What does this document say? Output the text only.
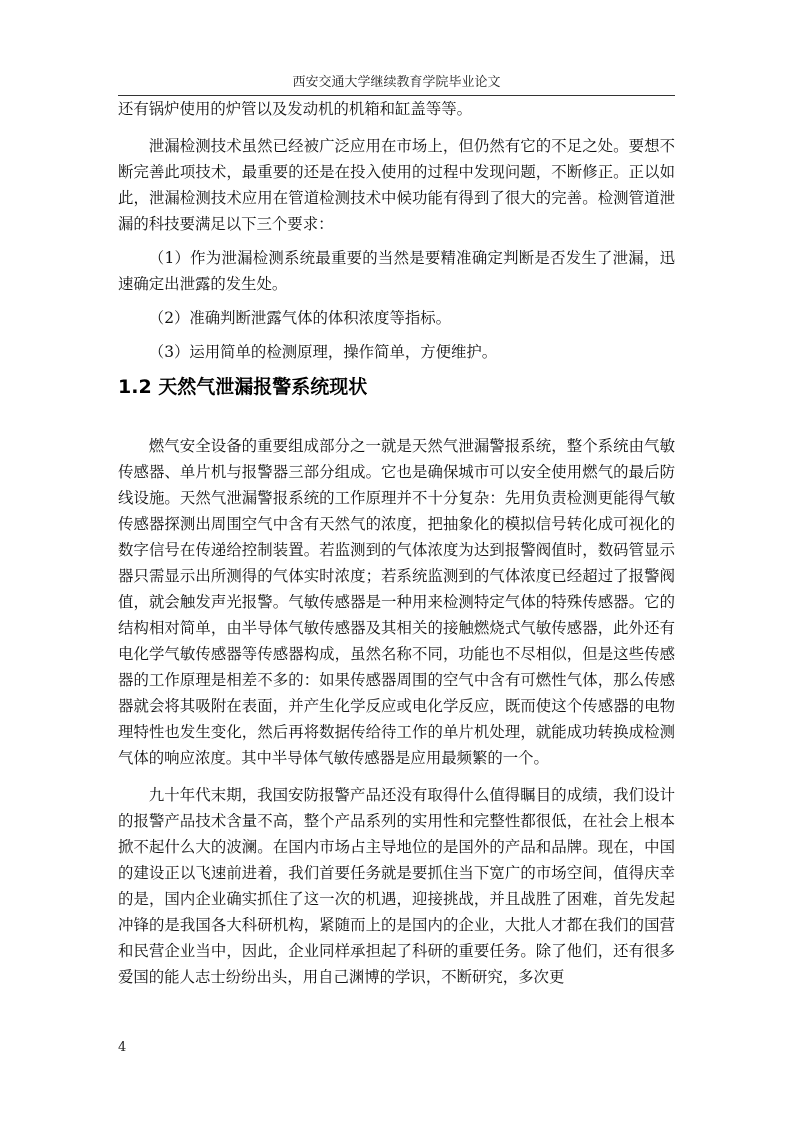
西安交通大学继续教育学院毕业论文

还有锅炉使用的炉管以及发动机的机箱和缸盖等等。

泄漏检测技术虽然已经被广泛应用在市场上，但仍然有它的不足之处。要想不断完善此项技术，最重要的还是在投入使用的过程中发现问题，不断修正。正以如此，泄漏检测技术应用在管道检测技术中候功能有得到了很大的完善。检测管道泄漏的科技要满足以下三个要求：

（1）作为泄漏检测系统最重要的当然是要精准确定判断是否发生了泄漏，迅速确定出泄露的发生处。

（2）准确判断泄露气体的体积浓度等指标。

（3）运用简单的检测原理，操作简单，方便维护。

1.2 天然气泄漏报警系统现状

燃气安全设备的重要组成部分之一就是天然气泄漏警报系统，整个系统由气敏传感器、单片机与报警器三部分组成。它也是确保城市可以安全使用燃气的最后防线设施。天然气泄漏警报系统的工作原理并不十分复杂：先用负责检测更能得气敏传感器探测出周围空气中含有天然气的浓度，把抽象化的模拟信号转化成可视化的数字信号在传递给控制装置。若监测到的气体浓度为达到报警阀值时，数码管显示器只需显示出所测得的气体实时浓度；若系统监测到的气体浓度已经超过了报警阀值，就会触发声光报警。气敏传感器是一种用来检测特定气体的特殊传感器。它的结构相对简单，由半导体气敏传感器及其相关的接触燃烧式气敏传感器，此外还有电化学气敏传感器等传感器构成，虽然名称不同，功能也不尽相似，但是这些传感器的工作原理是相差不多的：如果传感器周围的空气中含有可燃性气体，那么传感器就会将其吸附在表面，并产生化学反应或电化学反应，既而使这个传感器的电物理特性也发生变化，然后再将数据传给待工作的单片机处理，就能成功转换成检测气体的响应浓度。其中半导体气敏传感器是应用最频繁的一个。

九十年代末期，我国安防报警产品还没有取得什么值得瞩目的成绩，我们设计的报警产品技术含量不高，整个产品系列的实用性和完整性都很低，在社会上根本掀不起什么大的波澜。在国内市场占主导地位的是国外的产品和品牌。现在，中国的建设正以飞速前进着，我们首要任务就是要抓住当下宽广的市场空间，值得庆幸的是，国内企业确实抓住了这一次的机遇，迎接挑战，并且战胜了困难，首先发起冲锋的是我国各大科研机构，紧随而上的是国内的企业，大批人才都在我们的国营和民营企业当中，因此，企业同样承担起了科研的重要任务。除了他们，还有很多爱国的能人志士纷纷出头，用自己渊博的学识，不断研究，多次更

4
